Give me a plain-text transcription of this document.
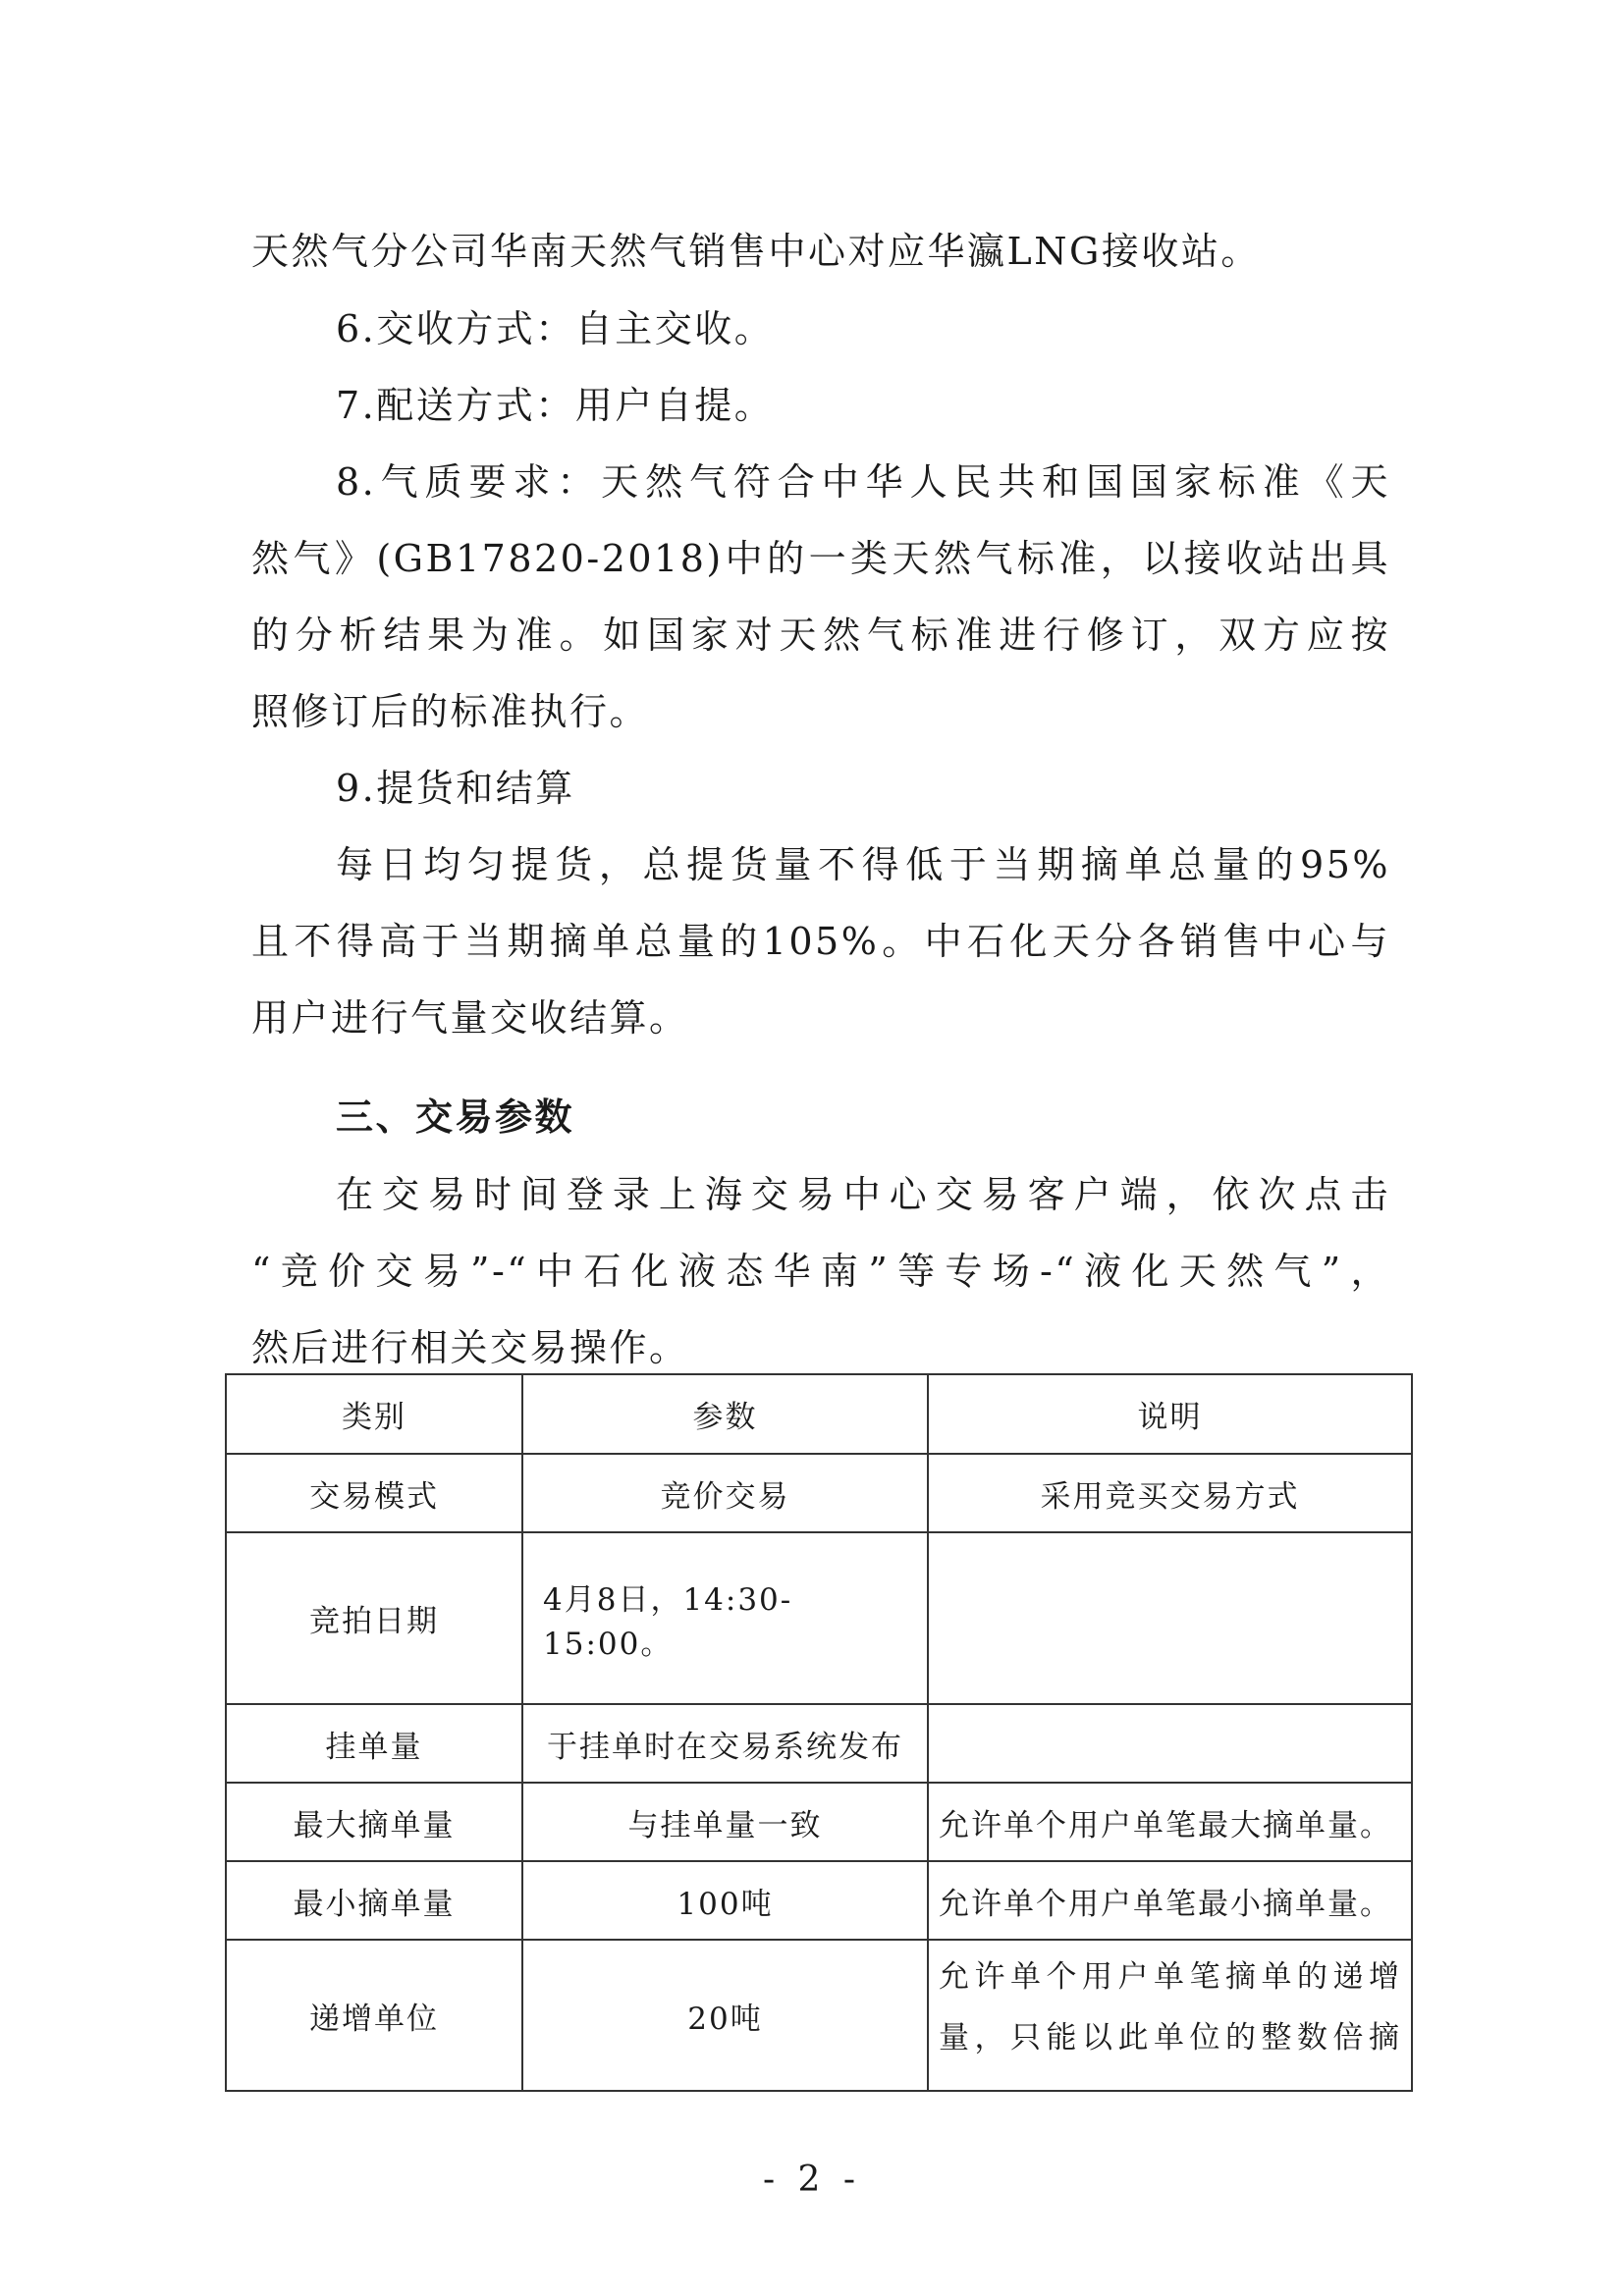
天然气分公司华南天然气销售中心对应华瀛LNG接收站。
6.交收方式：自主交收。
7.配送方式：用户自提。
8.气质要求：天然气符合中华人民共和国国家标准《天
然气》(GB17820-2018)中的一类天然气标准，以接收站出具
的分析结果为准。如国家对天然气标准进行修订，双方应按
照修订后的标准执行。
9.提货和结算
每日均匀提货，总提货量不得低于当期摘单总量的95%
且不得高于当期摘单总量的105%。中石化天分各销售中心与
用户进行气量交收结算。
三、交易参数
在交易时间登录上海交易中心交易客户端，依次点击
“竞价交易”-“中石化液态华南”等专场-“液化天然气”，
然后进行相关交易操作。
类别	参数	说明
交易模式	竞价交易	采用竞买交易方式
竞拍日期	4月8日，14:30-15:00。	
挂单量	于挂单时在交易系统发布	
最大摘单量	与挂单量一致	允许单个用户单笔最大摘单量。
最小摘单量	100吨	允许单个用户单笔最小摘单量。
递增单位	20吨	允许单个用户单笔摘单的递增
量，只能以此单位的整数倍摘
- 2 -
